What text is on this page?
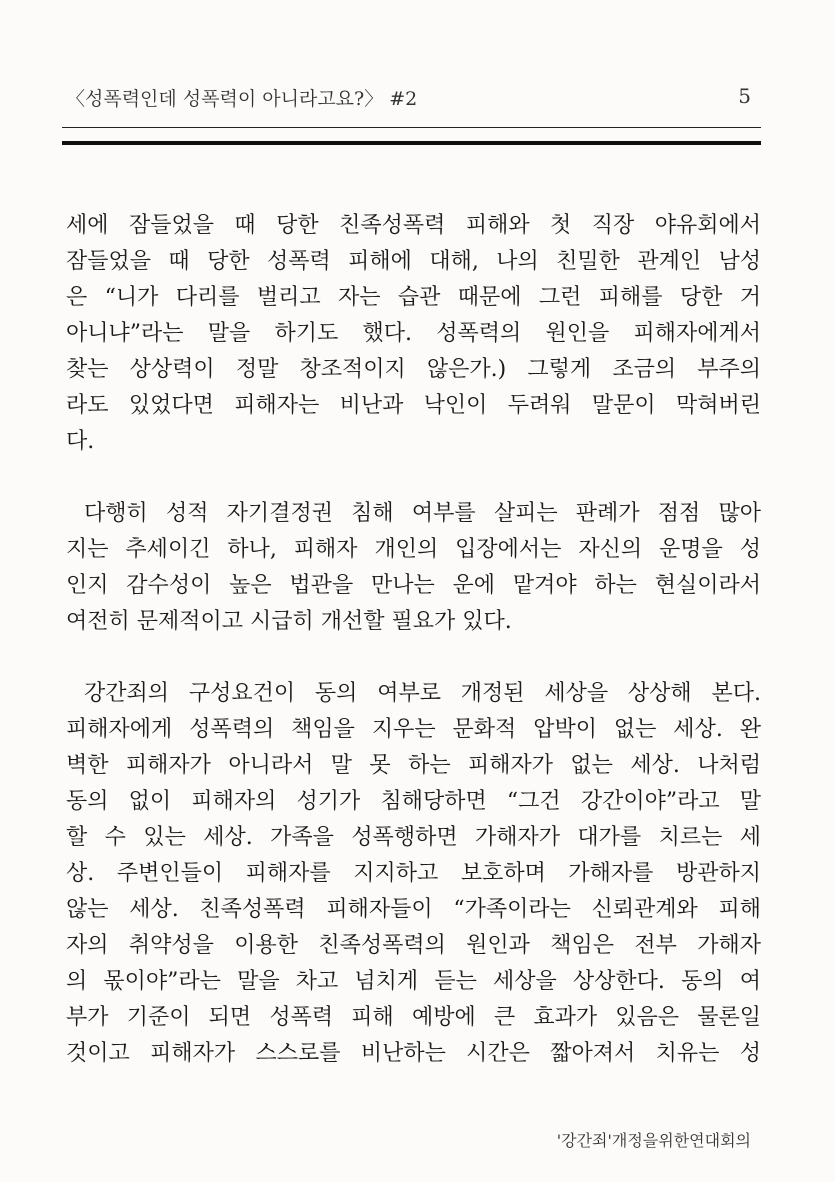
〈성폭력인데 성폭력이 아니라고요?〉 #2	5
세에 잠들었을 때 당한 친족성폭력 피해와 첫 직장 야유회에서
잠들었을 때 당한 성폭력 피해에 대해, 나의 친밀한 관계인 남성
은 “니가 다리를 벌리고 자는 습관 때문에 그런 피해를 당한 거
아니냐”라는 말을 하기도 했다. 성폭력의 원인을 피해자에게서
찾는 상상력이 정말 창조적이지 않은가.) 그렇게 조금의 부주의
라도 있었다면 피해자는 비난과 낙인이 두려워 말문이 막혀버린
다.
다행히 성적 자기결정권 침해 여부를 살피는 판례가 점점 많아
지는 추세이긴 하나, 피해자 개인의 입장에서는 자신의 운명을 성
인지 감수성이 높은 법관을 만나는 운에 맡겨야 하는 현실이라서
여전히 문제적이고 시급히 개선할 필요가 있다.
강간죄의 구성요건이 동의 여부로 개정된 세상을 상상해 본다.
피해자에게 성폭력의 책임을 지우는 문화적 압박이 없는 세상. 완
벽한 피해자가 아니라서 말 못 하는 피해자가 없는 세상. 나처럼
동의 없이 피해자의 성기가 침해당하면 “그건 강간이야”라고 말
할 수 있는 세상. 가족을 성폭행하면 가해자가 대가를 치르는 세
상. 주변인들이 피해자를 지지하고 보호하며 가해자를 방관하지
않는 세상. 친족성폭력 피해자들이 “가족이라는 신뢰관계와 피해
자의 취약성을 이용한 친족성폭력의 원인과 책임은 전부 가해자
의 몫이야”라는 말을 차고 넘치게 듣는 세상을 상상한다. 동의 여
부가 기준이 되면 성폭력 피해 예방에 큰 효과가 있음은 물론일
것이고 피해자가 스스로를 비난하는 시간은 짧아져서 치유는 성
'강간죄'개정을위한연대회의
